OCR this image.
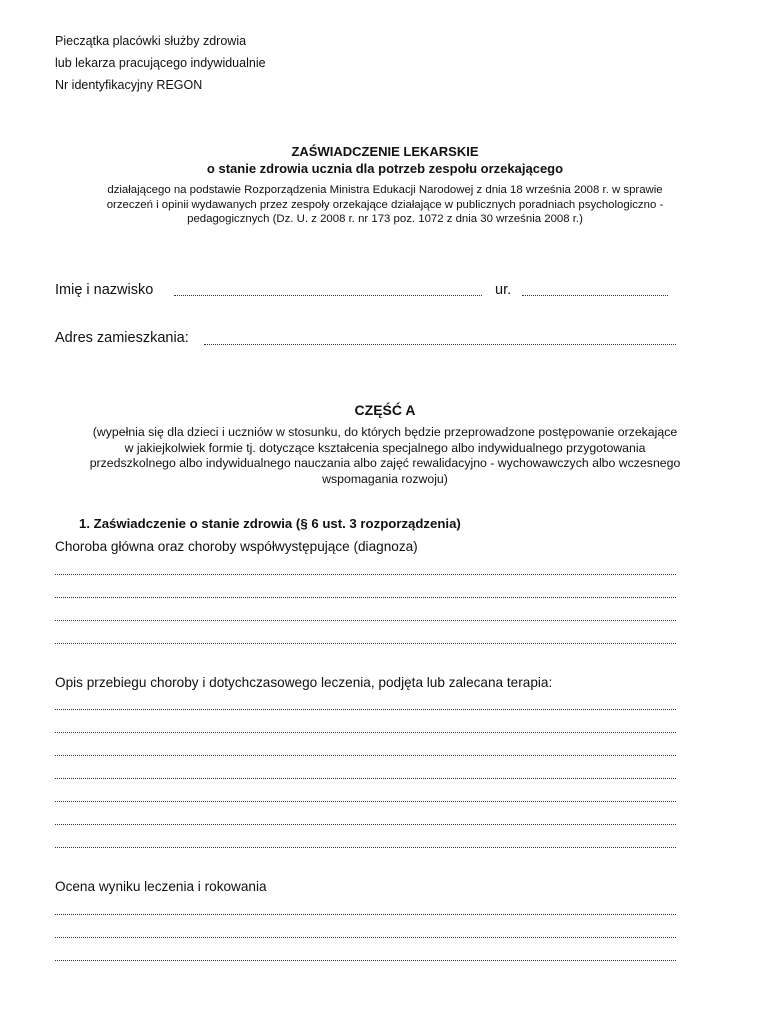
Pieczątka placówki służby zdrowia
lub lekarza pracującego indywidualnie
Nr identyfikacyjny REGON
ZAŚWIADCZENIE LEKARSKIE
o stanie zdrowia ucznia dla potrzeb zespołu orzekającego
działającego na podstawie Rozporządzenia Ministra Edukacji Narodowej z dnia 18 września 2008 r. w sprawie
orzeczeń i opinii wydawanych przez zespoły orzekające działające w publicznych poradniach psychologiczno -
pedagogicznych (Dz. U. z 2008 r. nr 173 poz. 1072 z dnia 30 września 2008 r.)
Imię i nazwisko	ur.
Adres zamieszkania:
CZĘŚĆ A
(wypełnia się dla dzieci i uczniów w stosunku, do których będzie przeprowadzone postępowanie orzekające
w jakiejkolwiek formie tj. dotyczące kształcenia specjalnego albo indywidualnego przygotowania
przedszkolnego albo indywidualnego nauczania albo zajęć rewalidacyjno - wychowawczych albo wczesnego
wspomagania rozwoju)
1. Zaświadczenie o stanie zdrowia (§ 6 ust. 3 rozporządzenia)
Choroba główna oraz choroby współwystępujące (diagnoza)
Opis przebiegu choroby i dotychczasowego leczenia, podjęta lub zalecana terapia:
Ocena wyniku leczenia i rokowania
